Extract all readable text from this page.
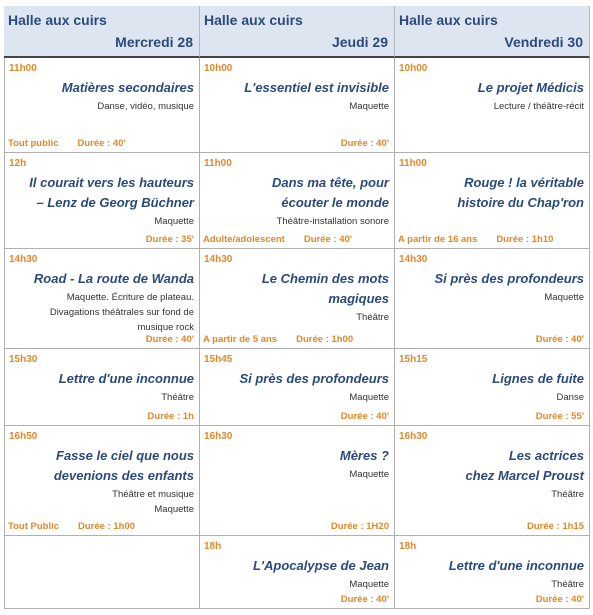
Halle aux cuirs
Mercredi 28
Halle aux cuirs
Jeudi 29
Halle aux cuirs
Vendredi 30
11h00
Matières secondaires
Danse, vidéo, musique
Tout public Durée : 40'
10h00
L'essentiel est invisible
Maquette
Durée : 40'
10h00
Le projet Médicis
Lecture / théâtre-récit
12h
Il courait vers les hauteurs
– Lenz de Georg Büchner
Maquette
Durée : 35'
11h00
Dans ma tête, pour
écouter le monde
Théâtre-installation sonore
Adulte/adolescent Durée : 40'
11h00
Rouge ! la véritable
histoire du Chap'ron
A partir de 16 ans Durée : 1h10
14h30
Road - La route de Wanda
Maquette. Écriture de plateau.
Divagations théâtrales sur fond de
musique rock
Durée : 40'
14h30
Le Chemin des mots
magiques
Théâtre
A partir de 5 ans Durée : 1h00
14h30
Si près des profondeurs
Maquette
Durée : 40'
15h30
Lettre d'une inconnue
Théâtre
Durée : 1h
15h45
Si près des profondeurs
Maquette
Durée : 40'
15h15
Lignes de fuite
Danse
Durée : 55'
16h50
Fasse le ciel que nous
devenions des enfants
Théâtre et musique
Maquette
Tout Public Durée : 1h00
16h30
Mères ?
Maquette
Durée : 1H20
16h30
Les actrices
chez Marcel Proust
Théâtre
Durée : 1h15
18h
L'Apocalypse de Jean
Maquette
Durée : 40'
18h
Lettre d'une inconnue
Théâtre
Durée : 40'
